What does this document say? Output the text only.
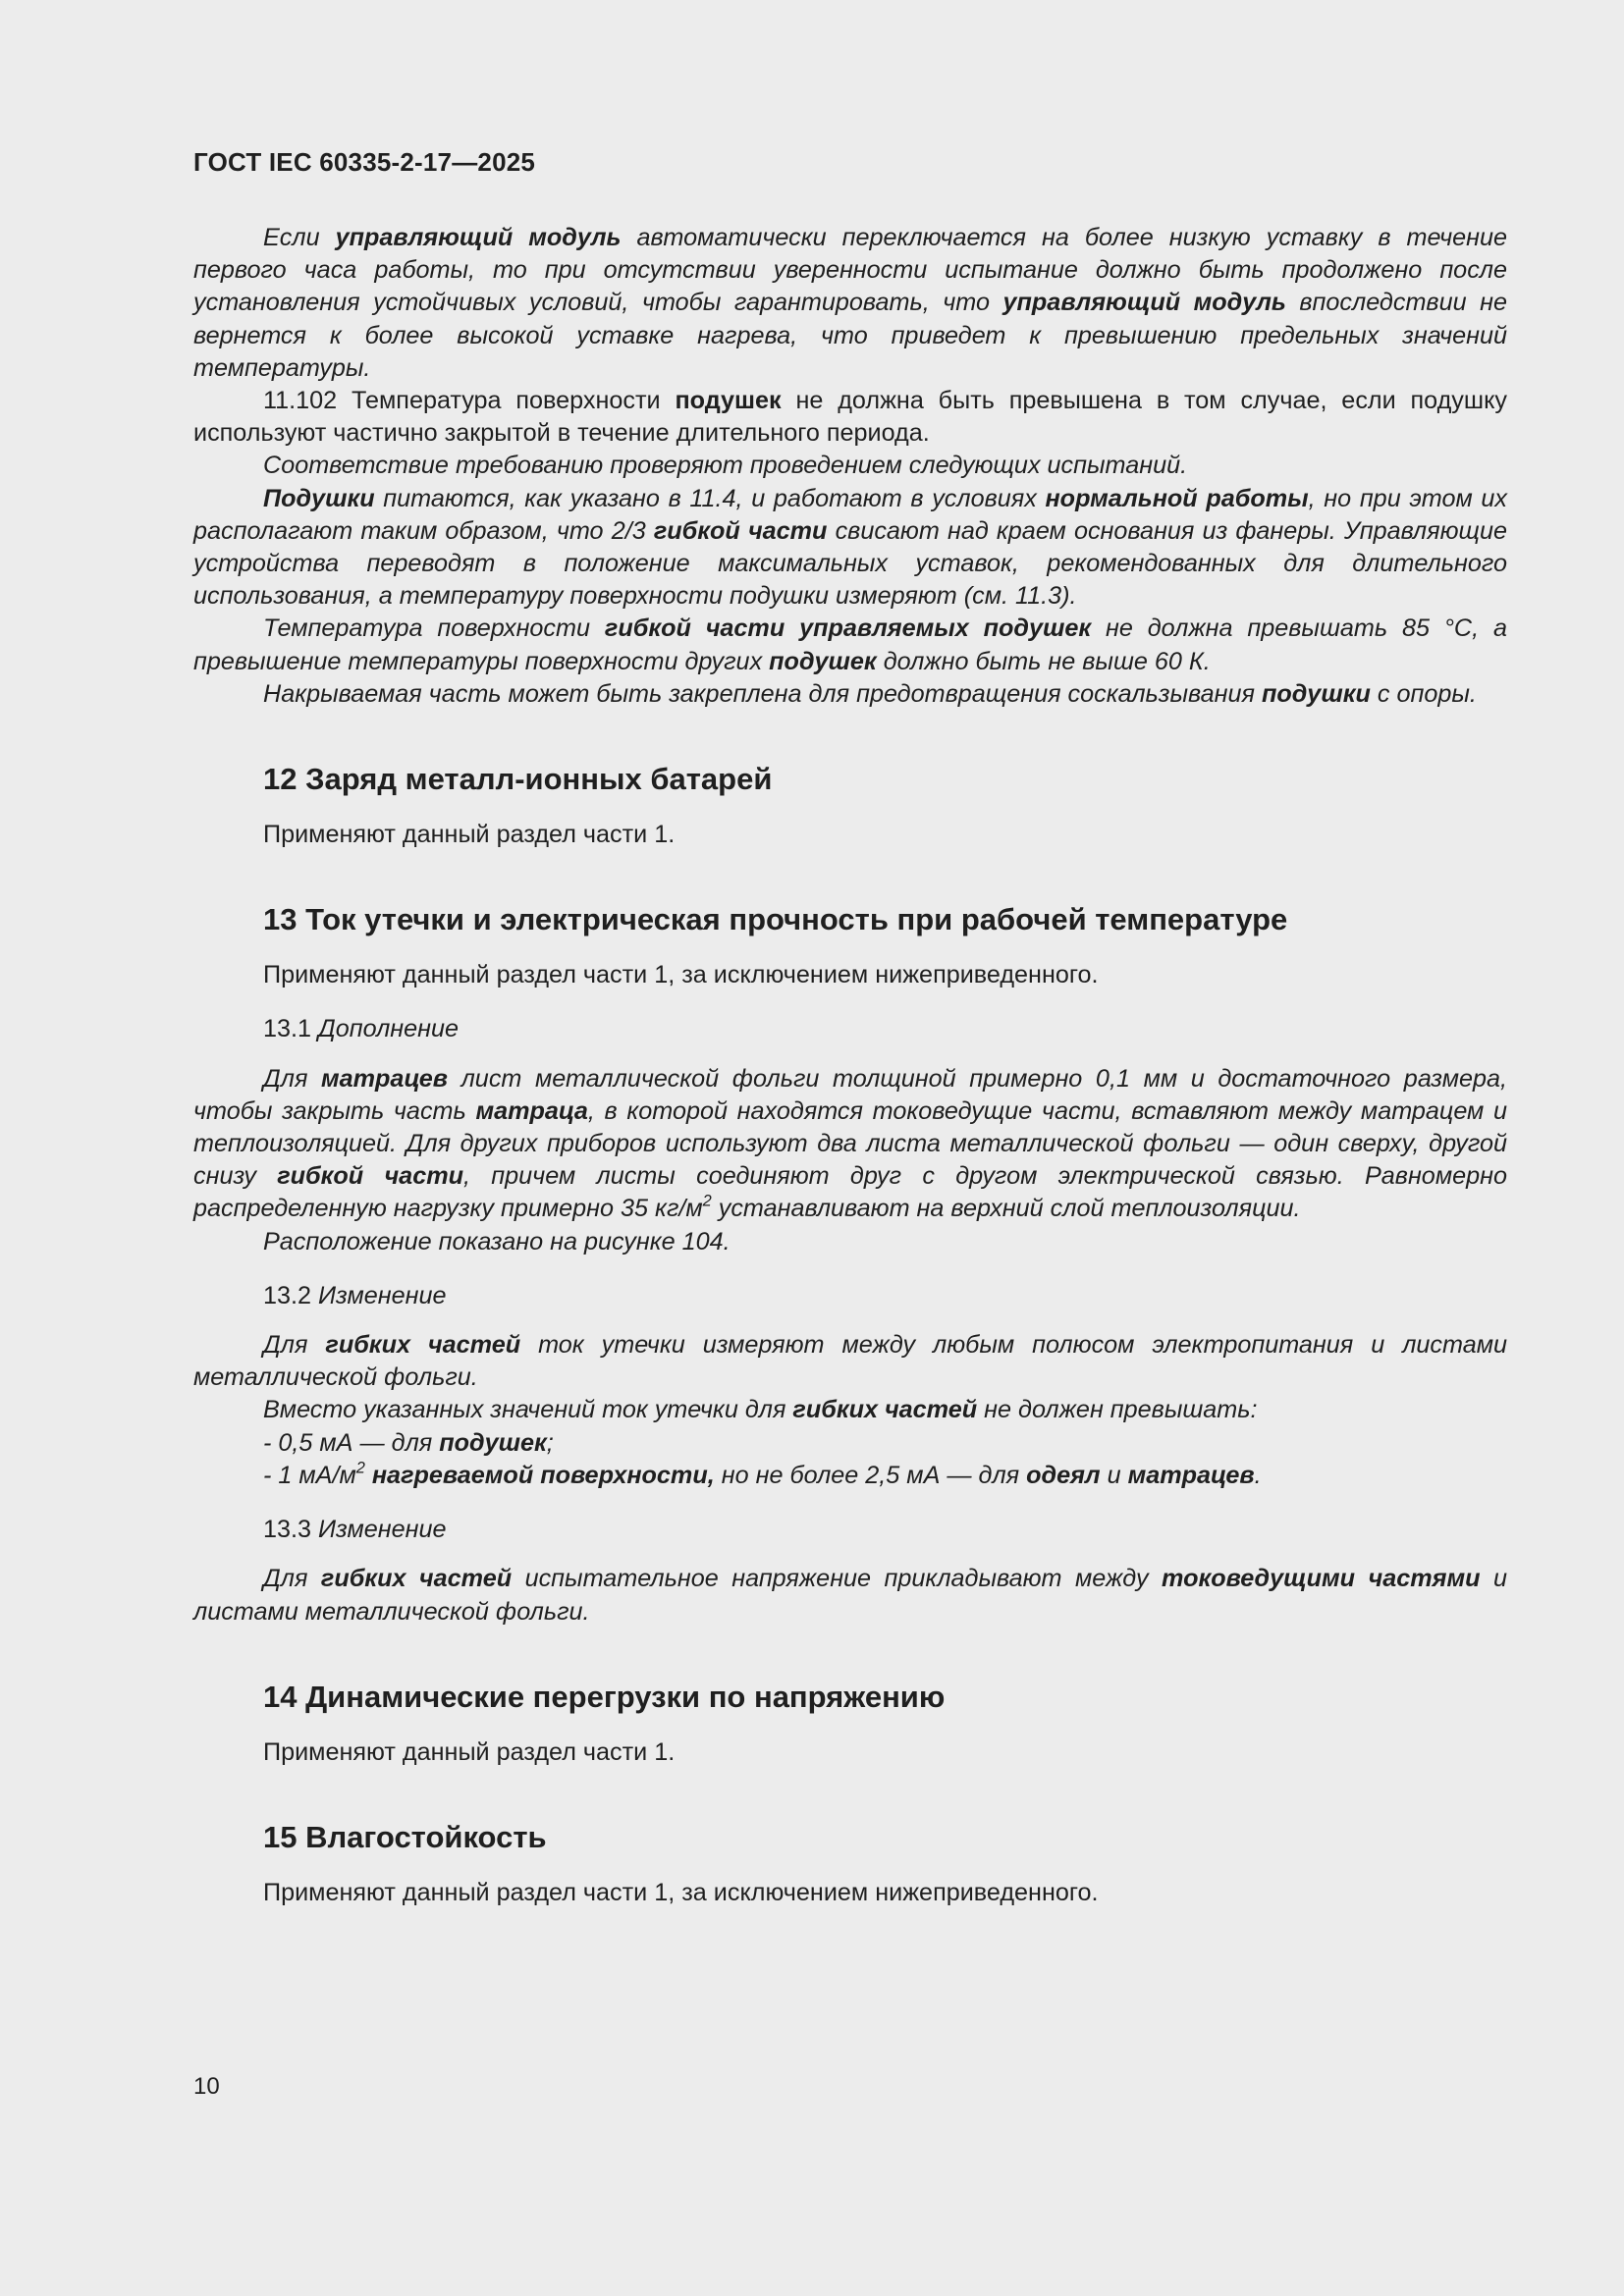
ГОСТ IEC 60335-2-17—2025

Если управляющий модуль автоматически переключается на более низкую уставку в течение первого часа работы, то при отсутствии уверенности испытание должно быть продолжено после установления устойчивых условий, чтобы гарантировать, что управляющий модуль впоследствии не вернется к более высокой уставке нагрева, что приведет к превышению предельных значений температуры.

11.102 Температура поверхности подушек не должна быть превышена в том случае, если подушку используют частично закрытой в течение длительного периода.

Соответствие требованию проверяют проведением следующих испытаний.

Подушки питаются, как указано в 11.4, и работают в условиях нормальной работы, но при этом их располагают таким образом, что 2/3 гибкой части свисают над краем основания из фанеры. Управляющие устройства переводят в положение максимальных уставок, рекомендованных для длительного использования, а температуру поверхности подушки измеряют (см. 11.3).

Температура поверхности гибкой части управляемых подушек не должна превышать 85 °С, а превышение температуры поверхности других подушек должно быть не выше 60 К.

Накрываемая часть может быть закреплена для предотвращения соскальзывания подушки с опоры.

12 Заряд металл-ионных батарей

Применяют данный раздел части 1.

13 Ток утечки и электрическая прочность при рабочей температуре

Применяют данный раздел части 1, за исключением нижеприведенного.

13.1 Дополнение

Для матрацев лист металлической фольги толщиной примерно 0,1 мм и достаточного размера, чтобы закрыть часть матраца, в которой находятся токоведущие части, вставляют между матрацем и теплоизоляцией. Для других приборов используют два листа металлической фольги — один сверху, другой снизу гибкой части, причем листы соединяют друг с другом электрической связью. Равномерно распределенную нагрузку примерно 35 $кг/м^2$ устанавливают на верхний слой теплоизоляции.

Расположение показано на рисунке 104.

13.2 Изменение

Для гибких частей ток утечки измеряют между любым полюсом электропитания и листами металлической фольги.

Вместо указанных значений ток утечки для гибких частей не должен превышать:

- 0,5 мА — для подушек;

- 1 $мА/м^2$ нагреваемой поверхности, но не более 2,5 мА — для одеял и матрацев.

13.3 Изменение

Для гибких частей испытательное напряжение прикладывают между токоведущими частями и листами металлической фольги.

14 Динамические перегрузки по напряжению

Применяют данный раздел части 1.

15 Влагостойкость

Применяют данный раздел части 1, за исключением нижеприведенного.

10
